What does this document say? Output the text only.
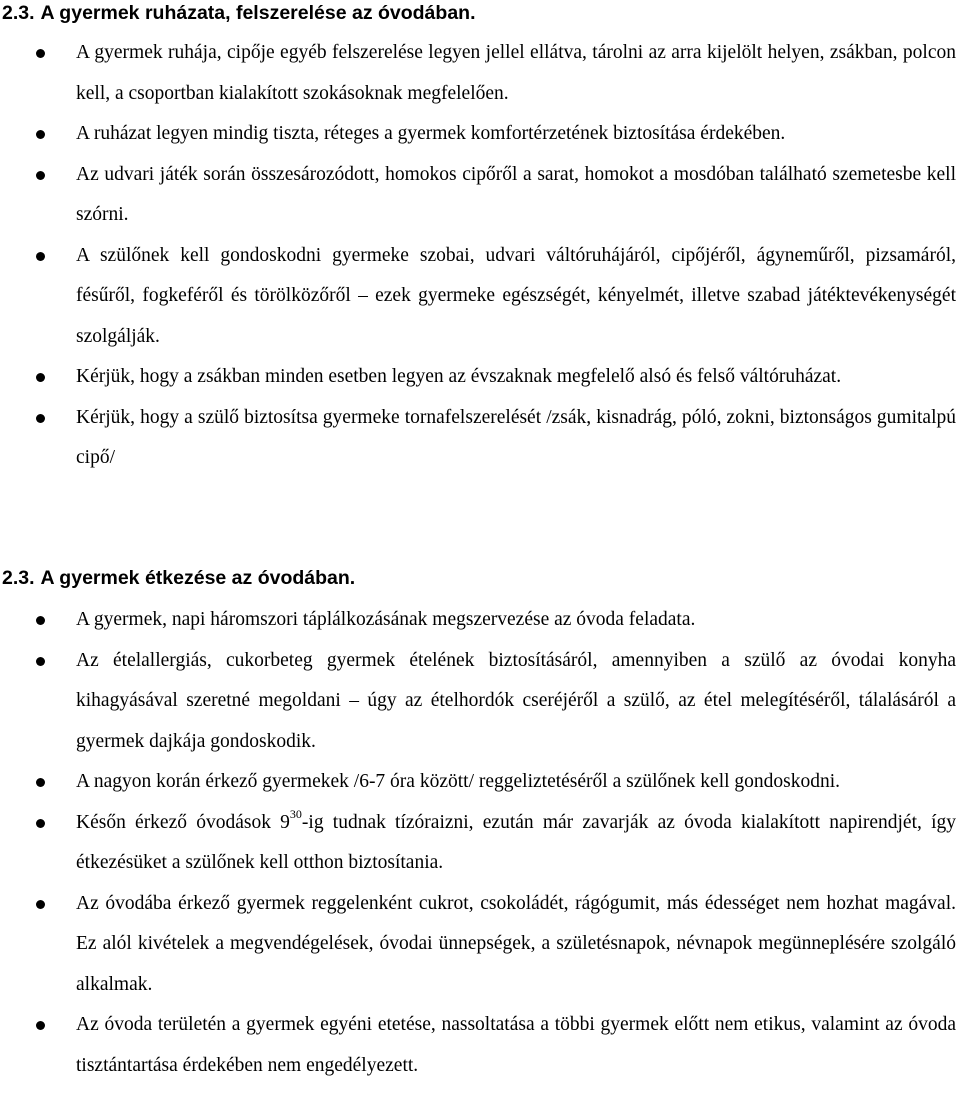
2.3. A gyermek ruházata, felszerelése az óvodában.
A gyermek ruhája, cipője egyéb felszerelése legyen jellel ellátva, tárolni az arra kijelölt helyen, zsákban, polcon kell, a csoportban kialakított szokásoknak megfelelően.
A ruházat legyen mindig tiszta, réteges a gyermek komfortérzetének biztosítása érdekében.
Az udvari játék során összesározódott, homokos cipőről a sarat, homokot a mosdóban található szemetesbe kell szórni.
A szülőnek kell gondoskodni gyermeke szobai, udvari váltóruhájáról, cipőjéről, ágyneműről, pizsamáról, fésűről, fogkeféről és törölközőről – ezek gyermeke egészségét, kényelmét, illetve szabad játéktevékenységét szolgálják.
Kérjük, hogy a zsákban minden esetben legyen az évszaknak megfelelő alsó és felső váltóruházat.
Kérjük, hogy a szülő biztosítsa gyermeke tornafelszerelését /zsák, kisnadrág, póló, zokni, biztonságos gumitalpú cipő/
2.3. A gyermek étkezése az óvodában.
A gyermek, napi háromszori táplálkozásának megszervezése az óvoda feladata.
Az ételallergiás, cukorbeteg gyermek ételének biztosításáról, amennyiben a szülő az óvodai konyha kihagyásával szeretné megoldani – úgy az ételhordók cseréjéről a szülő, az étel melegítéséről, tálalásáról a gyermek dajkája gondoskodik.
A nagyon korán érkező gyermekek /6-7 óra között/ reggeliztetéséről a szülőnek kell gondoskodni.
Későn érkező óvodások $9^{30}-ig$ tudnak tízóraizni, ezután már zavarják az óvoda kialakított napirendjét, így étkezésüket a szülőnek kell otthon biztosítania.
Az óvodába érkező gyermek reggelenként cukrot, csokoládét, rágógumit, más édességet nem hozhat magával. Ez alól kivételek a megvendégelések, óvodai ünnepségek, a születésnapok, névnapok megünneplésére szolgáló alkalmak.
Az óvoda területén a gyermek egyéni etetése, nassoltatása a többi gyermek előtt nem etikus, valamint az óvoda tisztántartása érdekében nem engedélyezett.
